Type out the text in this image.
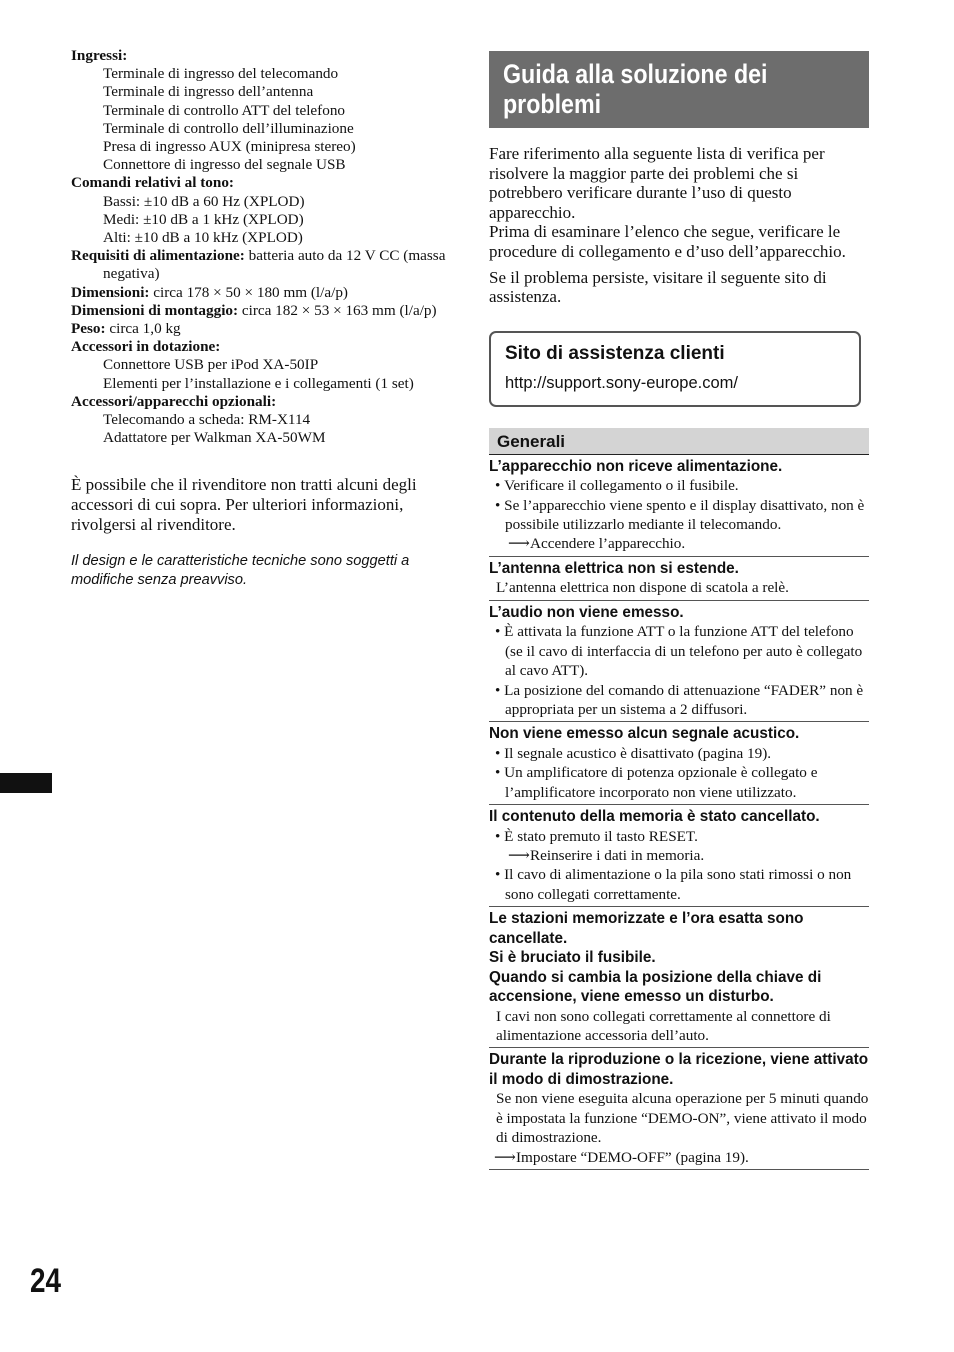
Ingressi:
Terminale di ingresso del telecomando
Terminale di ingresso dell’antenna
Terminale di controllo ATT del telefono
Terminale di controllo dell’illuminazione
Presa di ingresso AUX (minipresa stereo)
Connettore di ingresso del segnale USB
Comandi relativi al tono:
Bassi: ±10 dB a 60 Hz (XPLOD)
Medi: ±10 dB a 1 kHz (XPLOD)
Alti: ±10 dB a 10 kHz (XPLOD)
Requisiti di alimentazione: batteria auto da 12 V CC (massa negativa)
Dimensioni: circa 178 × 50 × 180 mm (l/a/p)
Dimensioni di montaggio: circa 182 × 53 × 163 mm (l/a/p)
Peso: circa 1,0 kg
Accessori in dotazione:
Connettore USB per iPod XA-50IP
Elementi per l’installazione e i collegamenti (1 set)
Accessori/apparecchi opzionali:
Telecomando a scheda: RM-X114
Adattatore per Walkman XA-50WM
È possibile che il rivenditore non tratti alcuni degli accessori di cui sopra. Per ulteriori informazioni, rivolgersi al rivenditore.
Il design e le caratteristiche tecniche sono soggetti a modifiche senza preavviso.
24
Guida alla soluzione dei problemi

Fare riferimento alla seguente lista di verifica per risolvere la maggior parte dei problemi che si potrebbero verificare durante l’uso di questo apparecchio.

Prima di esaminare l’elenco che segue, verificare le procedure di collegamento e d’uso dell’apparecchio.

Se il problema persiste, visitare il seguente sito di assistenza.

Sito di assistenza clienti
http://support.sony-europe.com/
Generali
L’apparecchio non riceve alimentazione.
• Verificare il collegamento o il fusibile.
• Se l’apparecchio viene spento e il display disattivato, non è possibile utilizzarlo mediante il telecomando.
⟶Accendere l’apparecchio.
L’antenna elettrica non si estende.
L’antenna elettrica non dispone di scatola a relè.
L’audio non viene emesso.
• È attivata la funzione ATT o la funzione ATT del telefono (se il cavo di interfaccia di un telefono per auto è collegato al cavo ATT).
• La posizione del comando di attenuazione “FADER” non è appropriata per un sistema a 2 diffusori.
Non viene emesso alcun segnale acustico.
• Il segnale acustico è disattivato (pagina 19).
• Un amplificatore di potenza opzionale è collegato e l’amplificatore incorporato non viene utilizzato.
Il contenuto della memoria è stato cancellato.
• È stato premuto il tasto RESET.
⟶Reinserire i dati in memoria.
• Il cavo di alimentazione o la pila sono stati rimossi o non sono collegati correttamente.
Le stazioni memorizzate e l’ora esatta sono cancellate.
Si è bruciato il fusibile.
Quando si cambia la posizione della chiave di accensione, viene emesso un disturbo.
I cavi non sono collegati correttamente al connettore di alimentazione accessoria dell’auto.
Durante la riproduzione o la ricezione, viene attivato il modo di dimostrazione.
Se non viene eseguita alcuna operazione per 5 minuti quando è impostata la funzione “DEMO-ON”, viene attivato il modo di dimostrazione.
⟶Impostare “DEMO-OFF” (pagina 19).
